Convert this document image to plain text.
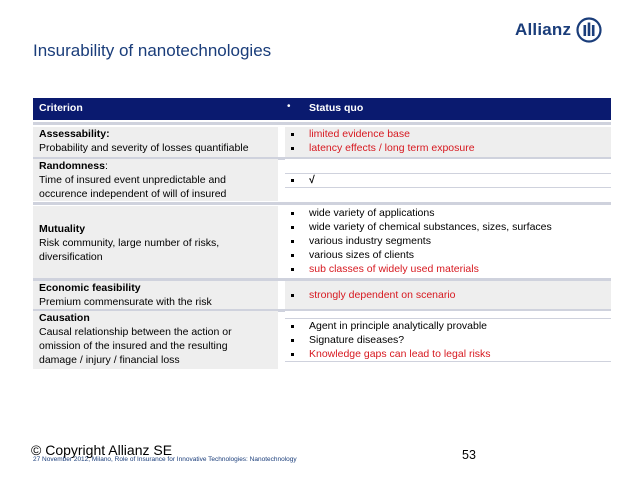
Insurability of nanotechnologies
Allianz
Criterion	• Status quo
Assessability:
Probability and severity of losses quantifiable
limited evidence base
latency effects / long term exposure
Randomness:
Time of insured event unpredictable and
occurence independent of will of insured
√
Mutuality
Risk community, large number of risks,
diversification
wide variety of applications
wide variety of chemical substances, sizes, surfaces
various industry segments
various sizes of clients
sub classes of widely used materials
Economic feasibility
Premium commensurate with the risk
strongly dependent on scenario
Causation
Causal relationship between the action or
omission of the insured and the resulting
damage / injury / financial loss
Agent in principle analytically provable
Signature diseases?
Knowledge gaps can lead to legal risks
© Copyright Allianz SE
27 November 2012, Milano, Role of Insurance for Innovative Technologies: Nanotechnology	53
